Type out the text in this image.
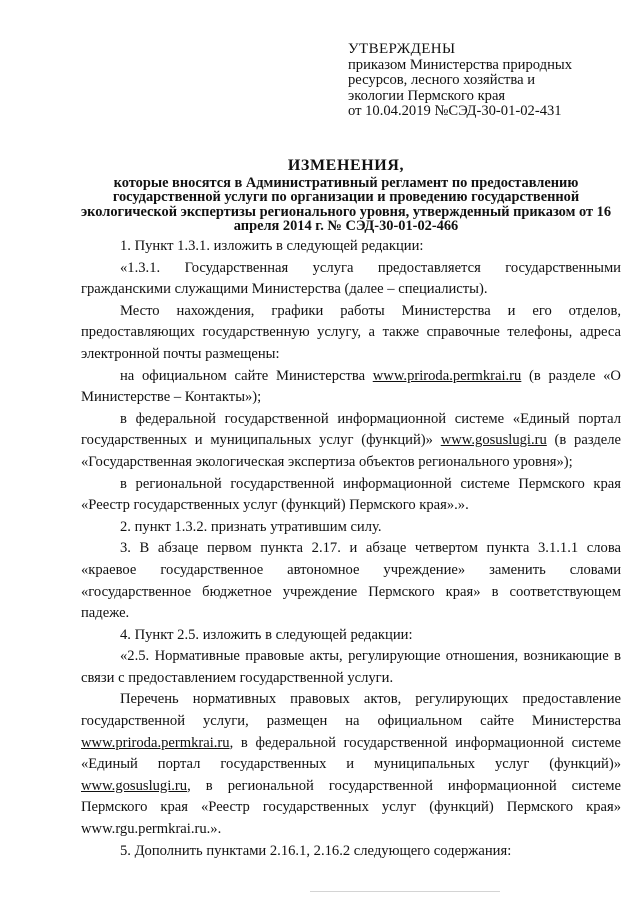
УТВЕРЖДЕНЫ
приказом Министерства природных
ресурсов, лесного хозяйства и
экологии Пермского края
от 10.04.2019 №СЭД-30-01-02-431
ИЗМЕНЕНИЯ,
которые вносятся в Административный регламент по предоставлению государственной услуги по организации и проведению государственной экологической экспертизы регионального уровня, утвержденный приказом от 16 апреля 2014 г. № СЭД-30-01-02-466

1. Пункт 1.3.1. изложить в следующей редакции:

«1.3.1. Государственная услуга предоставляется государственными гражданскими служащими Министерства (далее – специалисты).

Место нахождения, графики работы Министерства и его отделов, предоставляющих государственную услугу, а также справочные телефоны, адреса электронной почты размещены:

на официальном сайте Министерства www.priroda.permkrai.ru (в разделе «О Министерстве – Контакты»);

в федеральной государственной информационной системе «Единый портал государственных и муниципальных услуг (функций)» www.gosuslugi.ru (в разделе «Государственная экологическая экспертиза объектов регионального уровня»);

в региональной государственной информационной системе Пермского края «Реестр государственных услуг (функций) Пермского края».».

2. пункт 1.3.2. признать утратившим силу.

3. В абзаце первом пункта 2.17. и абзаце четвертом пункта 3.1.1.1 слова «краевое государственное автономное учреждение» заменить словами «государственное бюджетное учреждение Пермского края» в соответствующем падеже.

4. Пункт 2.5. изложить в следующей редакции:

«2.5. Нормативные правовые акты, регулирующие отношения, возникающие в связи с предоставлением государственной услуги.

Перечень нормативных правовых актов, регулирующих предоставление государственной услуги, размещен на официальном сайте Министерства www.priroda.permkrai.ru, в федеральной государственной информационной системе «Единый портал государственных и муниципальных услуг (функций)» www.gosuslugi.ru, в региональной государственной информационной системе Пермского края «Реестр государственных услуг (функций) Пермского края» www.rgu.permkrai.ru.».

5. Дополнить пунктами 2.16.1, 2.16.2 следующего содержания:
